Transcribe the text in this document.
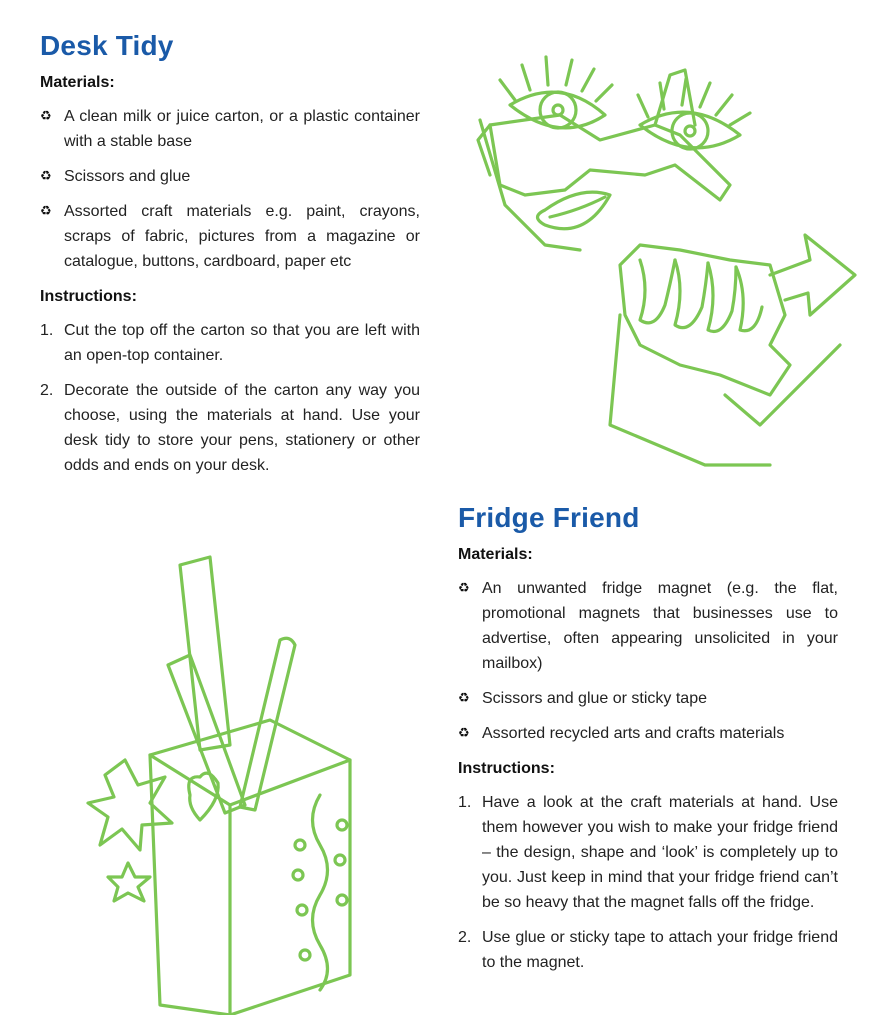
Desk Tidy
Materials:
♻ A clean milk or juice carton, or a plastic container with a stable base
♻ Scissors and glue
♻ Assorted craft materials e.g. paint, crayons, scraps of fabric, pictures from a magazine or catalogue, buttons, cardboard, paper etc
Instructions:
1. Cut the top off the carton so that you are left with an open-top container.
2. Decorate the outside of the carton any way you choose, using the materials at hand. Use your desk tidy to store your pens, stationery or other odds and ends on your desk.
Fridge Friend
Materials:
♻ An unwanted fridge magnet (e.g. the flat, promotional magnets that businesses use to advertise, often appearing unsolicited in your mailbox)
♻ Scissors and glue or sticky tape
♻ Assorted recycled arts and crafts materials
Instructions:
1. Have a look at the craft materials at hand. Use them however you wish to make your fridge friend – the design, shape and ‘look’ is completely up to you. Just keep in mind that your fridge friend can’t be so heavy that the magnet falls off the fridge.
2. Use glue or sticky tape to attach your fridge friend to the magnet.
